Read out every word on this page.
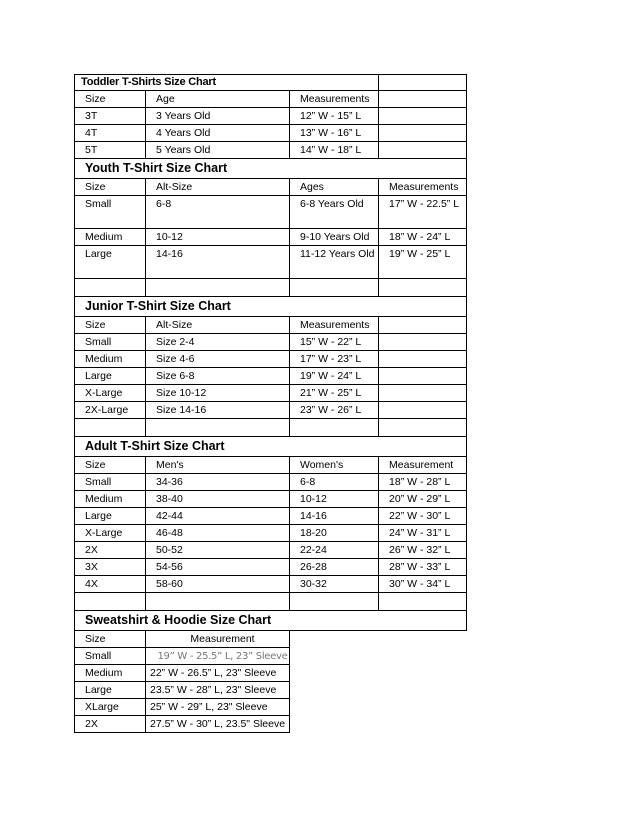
Toddler T-Shirts Size Chart			
Size	Age	Measurements	
3T	3 Years Old	12” W - 15” L	
4T	4 Years Old	13” W - 16” L	
5T	5 Years Old	14” W - 18” L	
Youth T-Shirt Size Chart			
Size	Alt-Size	Ages	Measurements
Small	6-8	6-8 Years Old	17” W - 22.5” L
Medium	10-12	9-10 Years Old	18” W - 24” L
Large	14-16	11-12 Years Old	19” W - 25” L

Junior T-Shirt Size Chart			
Size	Alt-Size	Measurements	
Small	Size 2-4	15” W - 22” L	
Medium	Size 4-6	17” W - 23” L	
Large	Size 6-8	19” W - 24” L	
X-Large	Size 10-12	21” W - 25” L	
2X-Large	Size 14-16	23” W - 26” L	

Adult T-Shirt Size Chart			
Size	Men's	Women's	Measurement
Small	34-36	6-8	18” W - 28” L
Medium	38-40	10-12	20” W - 29” L
Large	42-44	14-16	22” W - 30” L
X-Large	46-48	18-20	24” W - 31” L
2X	50-52	22-24	26” W - 32” L
3X	54-56	26-28	28” W - 33” L
4X	58-60	30-32	30” W - 34” L

Sweatshirt & Hoodie Size Chart			
Size	Measurement		
Small	19” W - 25.5” L, 23” Sleeve		
Medium	22” W - 26.5” L, 23" Sleeve		
Large	23.5” W - 28” L, 23" Sleeve		
XLarge	25” W - 29” L, 23" Sleeve		
2X	27.5” W - 30” L, 23.5" Sleeve		
